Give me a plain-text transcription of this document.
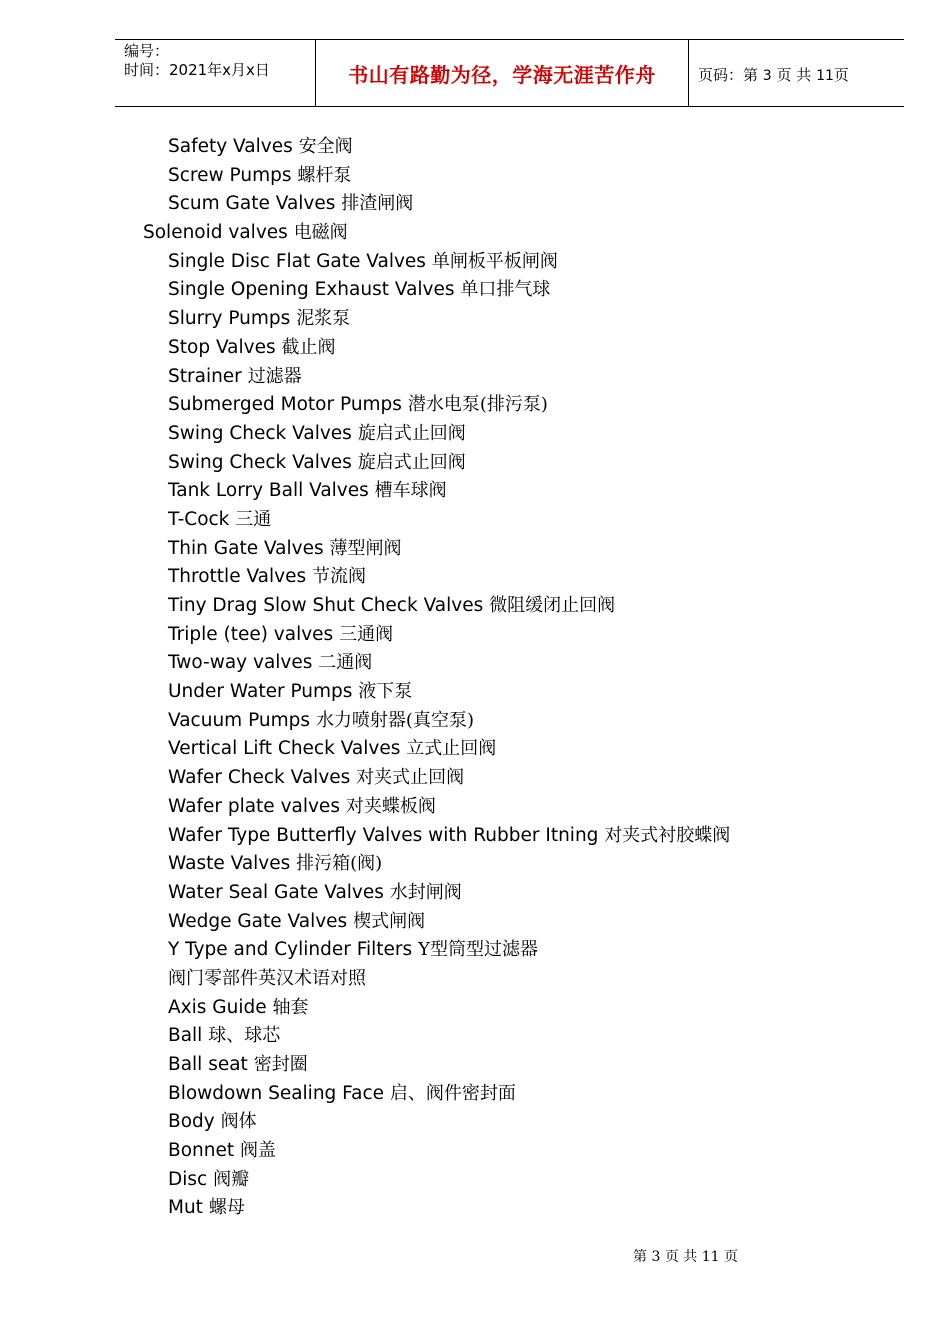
编号：
时间：2021年x月x日	书山有路勤为径，学海无涯苦作舟	页码：第 3 页 共 11页
Safety Valves 安全阀
Screw Pumps 螺杆泵
Scum Gate Valves 排渣闸阀
Solenoid valves 电磁阀
Single Disc Flat Gate Valves 单闸板平板闸阀
Single Opening Exhaust Valves 单口排气球
Slurry Pumps 泥浆泵
Stop Valves 截止阀
Strainer 过滤器
Submerged Motor Pumps 潜水电泵(排污泵)
Swing Check Valves 旋启式止回阀
Swing Check Valves 旋启式止回阀
Tank Lorry Ball Valves 槽车球阀
T-Cock 三通
Thin Gate Valves 薄型闸阀
Throttle Valves 节流阀
Tiny Drag Slow Shut Check Valves 微阻缓闭止回阀
Triple (tee) valves 三通阀
Two-way valves 二通阀
Under Water Pumps 液下泵
Vacuum Pumps 水力喷射器(真空泵)
Vertical Lift Check Valves 立式止回阀
Wafer Check Valves 对夹式止回阀
Wafer plate valves 对夹蝶板阀
Wafer Type Butterfly Valves with Rubber Itning 对夹式衬胶蝶阀
Waste Valves 排污箱(阀)
Water Seal Gate Valves 水封闸阀
Wedge Gate Valves 楔式闸阀
Y Type and Cylinder Filters Y型筒型过滤器
阀门零部件英汉术语对照
Axis Guide 轴套
Ball 球、球芯
Ball seat 密封圈
Blowdown Sealing Face 启、阀件密封面
Body 阀体
Bonnet 阀盖
Disc 阀瓣
Mut 螺母
第 3 页 共 11 页
